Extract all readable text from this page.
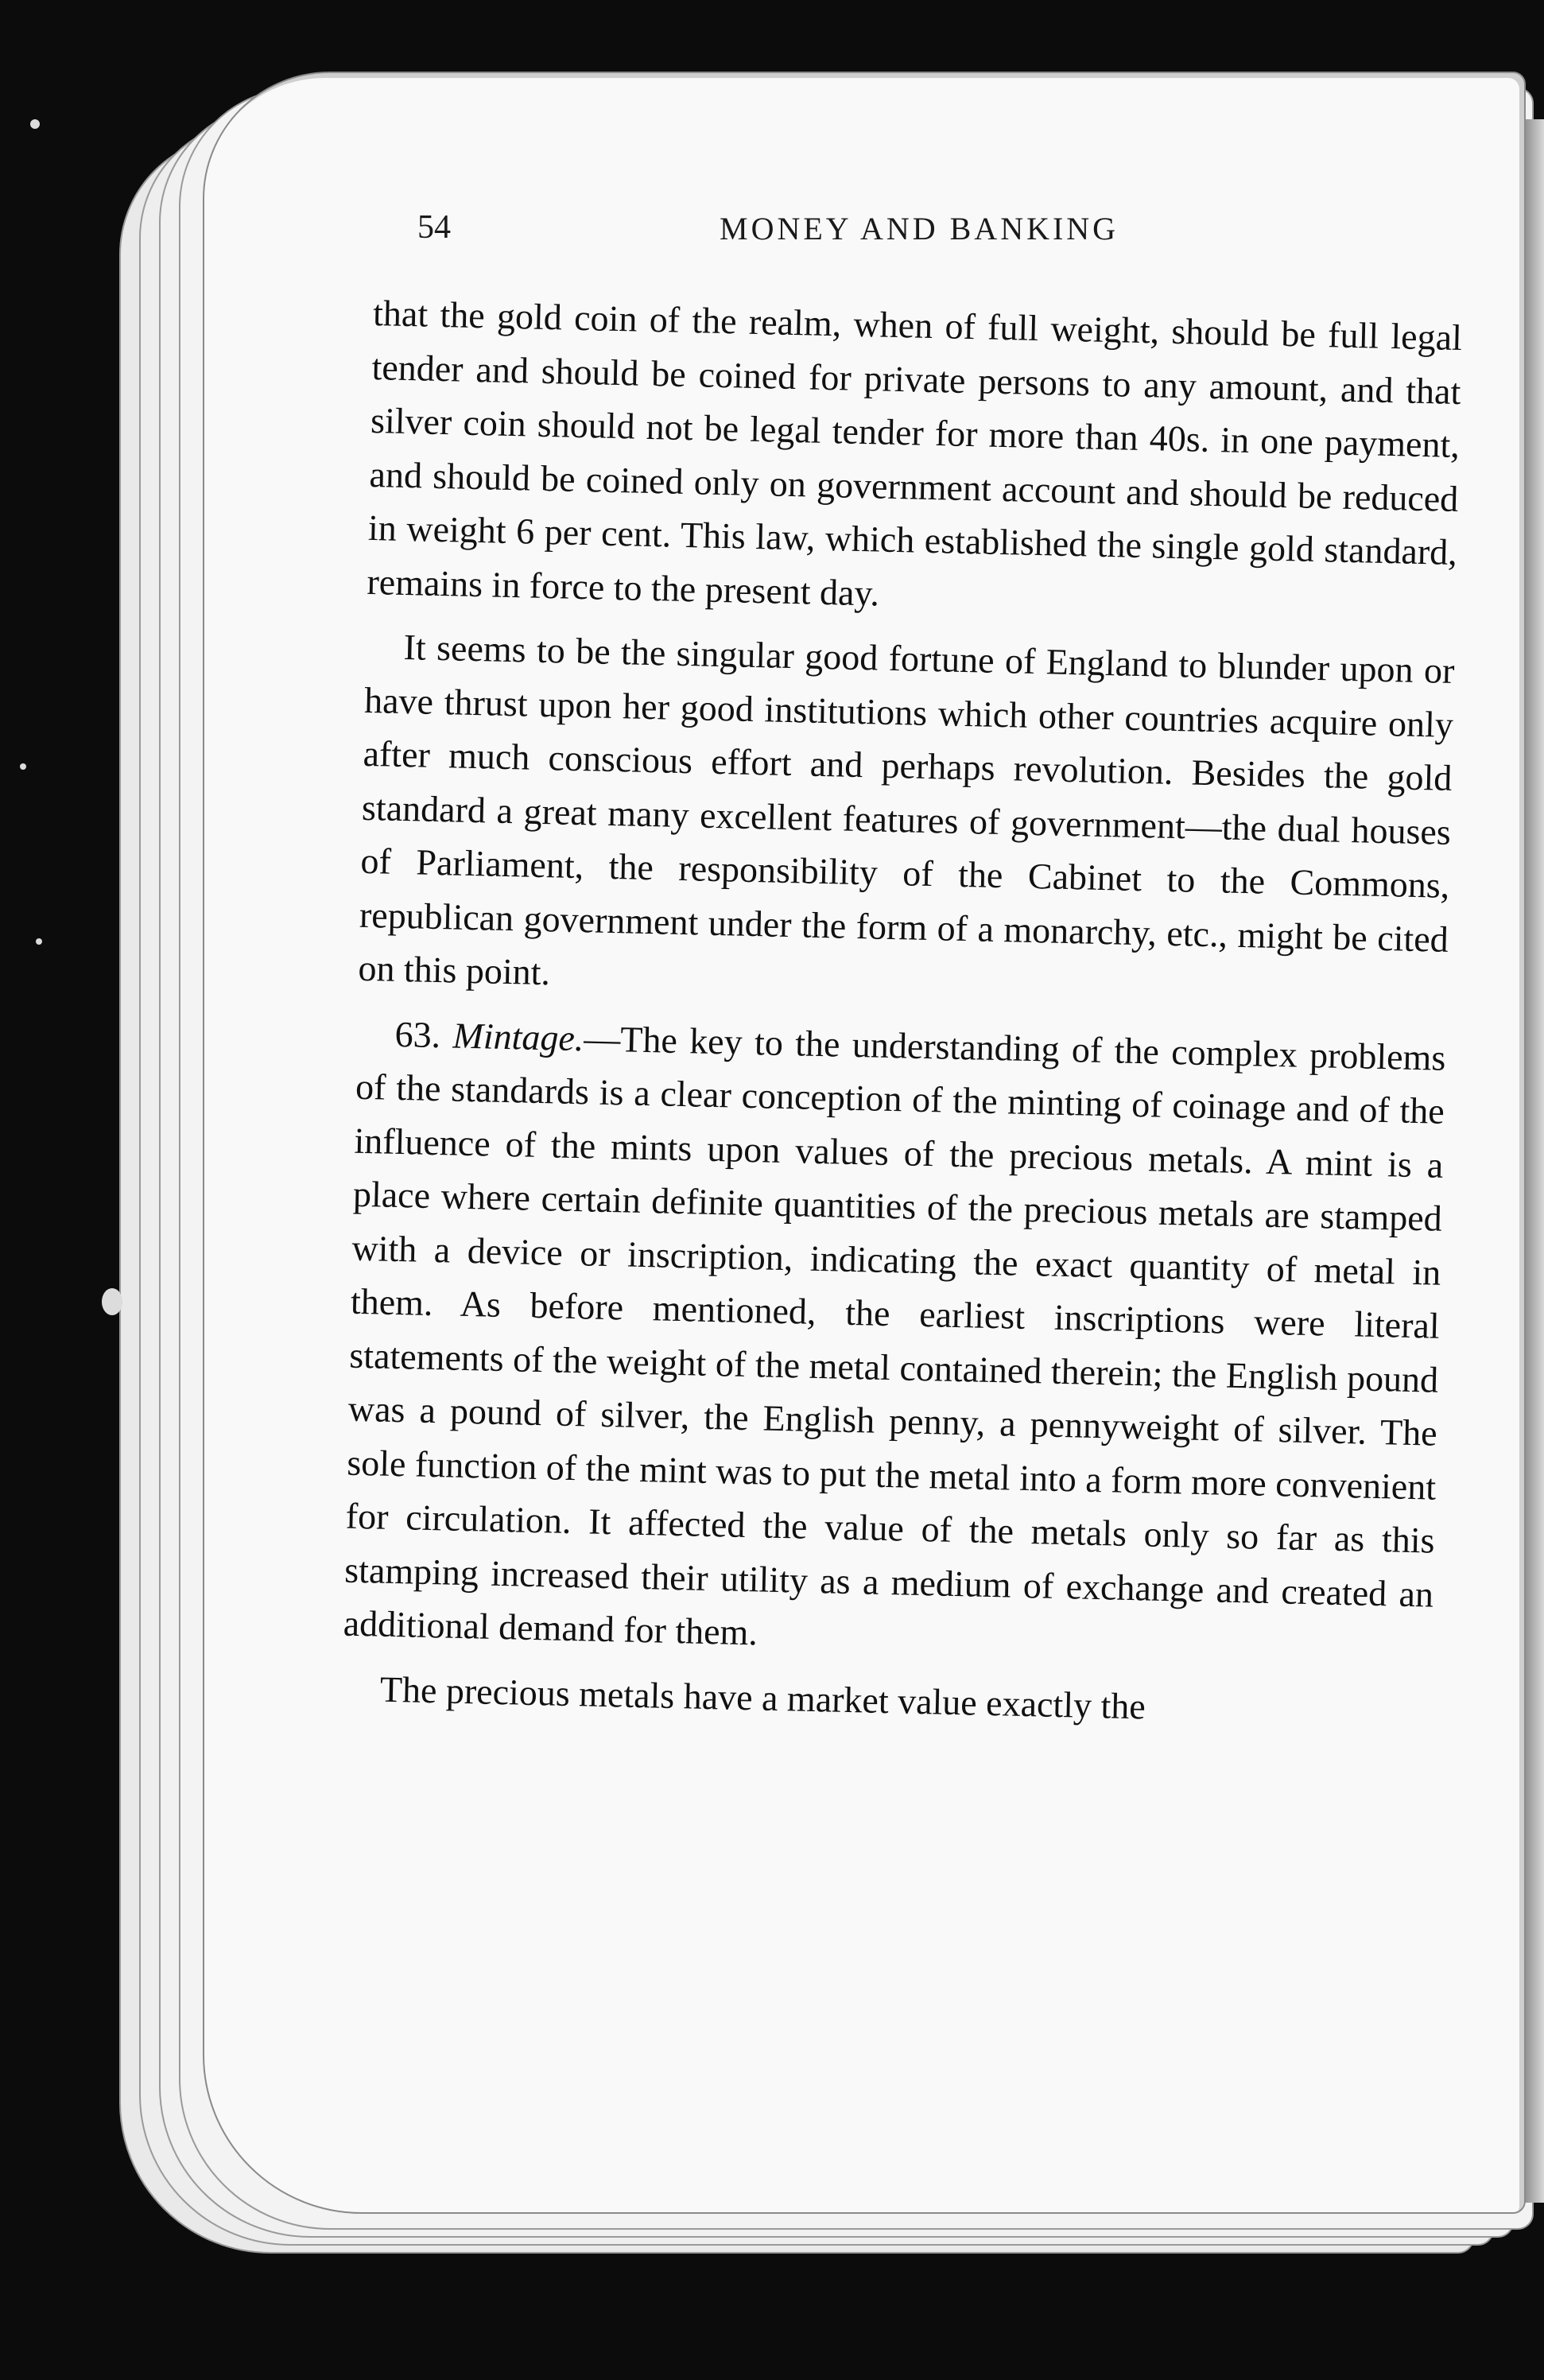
54	MONEY AND BANKING

that the gold coin of the realm, when of full weight, should be full legal tender and should be coined for private persons to any amount, and that silver coin should not be legal tender for more than 40s. in one payment, and should be coined only on government account and should be reduced in weight 6 per cent. This law, which established the single gold standard, remains in force to the present day.

It seems to be the singular good fortune of England to blunder upon or have thrust upon her good institutions which other countries acquire only after much conscious effort and perhaps revolution. Besides the gold standard a great many excellent features of government—the dual houses of Parliament, the responsibility of the Cabinet to the Commons, republican government under the form of a monarchy, etc., might be cited on this point.

63. Mintage.—The key to the understanding of the complex problems of the standards is a clear conception of the minting of coinage and of the influence of the mints upon values of the precious metals. A mint is a place where certain definite quantities of the precious metals are stamped with a device or inscription, indicating the exact quantity of metal in them. As before mentioned, the earliest inscriptions were literal statements of the weight of the metal contained therein; the English pound was a pound of silver, the English penny, a pennyweight of silver. The sole function of the mint was to put the metal into a form more convenient for circulation. It affected the value of the metals only so far as this stamping increased their utility as a medium of exchange and created an additional demand for them.

The precious metals have a market value exactly the
